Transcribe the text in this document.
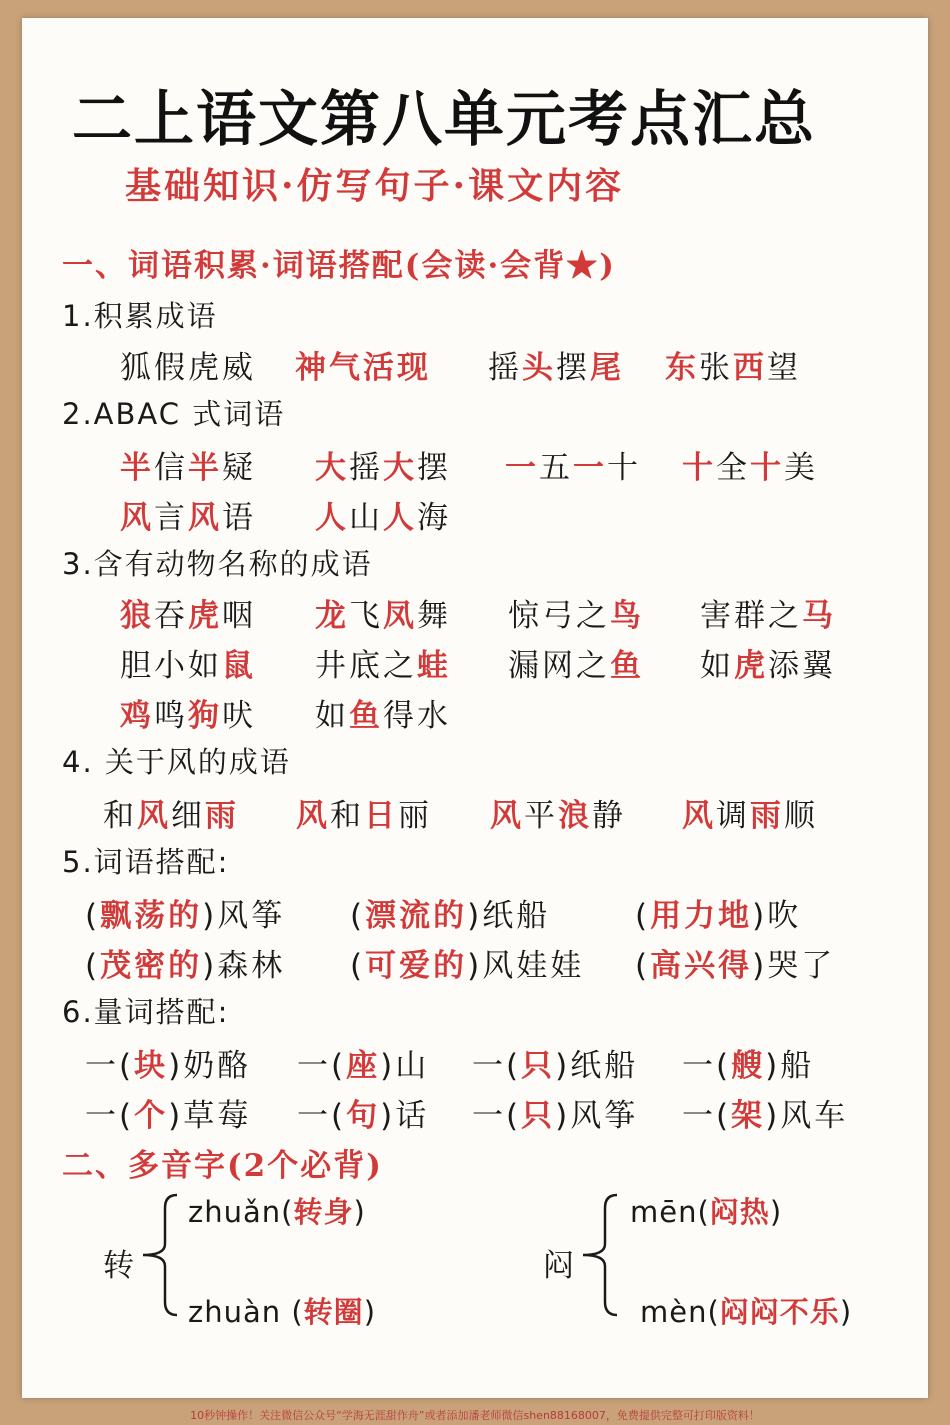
二上语文第八单元考点汇总
基础知识·仿写句子·课文内容
一、词语积累·词语搭配(会读·会背★)
1.积累成语
狐假虎威 神气活现 摇头摆尾 东张西望
2.ABAC 式词语
半信半疑 大摇大摆 一五一十 十全十美
风言风语 人山人海
3.含有动物名称的成语
狼吞虎咽 龙飞凤舞 惊弓之鸟 害群之马
胆小如鼠 井底之蛙 漏网之鱼 如虎添翼
鸡鸣狗吠 如鱼得水
4. 关于风的成语
和风细雨 风和日丽 风平浪静 风调雨顺
5.词语搭配:
(飘荡的)风筝 (漂流的)纸船	(用力地)吹
(茂密的)森林 (可爱的)风娃娃 (高兴得)哭了
6.量词搭配:
一(块)奶酪 一(座)山 一(只)纸船 一(艘)船
一(个)草莓 一(句)话 一(只)风筝 一(架)风车
二、多音字(2个必背)
转
zhuǎn(转身)
zhuàn (转圈)
闷
mēn(闷热)
mèn(闷闷不乐)
10秒钟操作！关注微信公众号“学海无涯甜作舟”或者添加潘老师微信shen88168007，免费提供完整可打印版资料！
